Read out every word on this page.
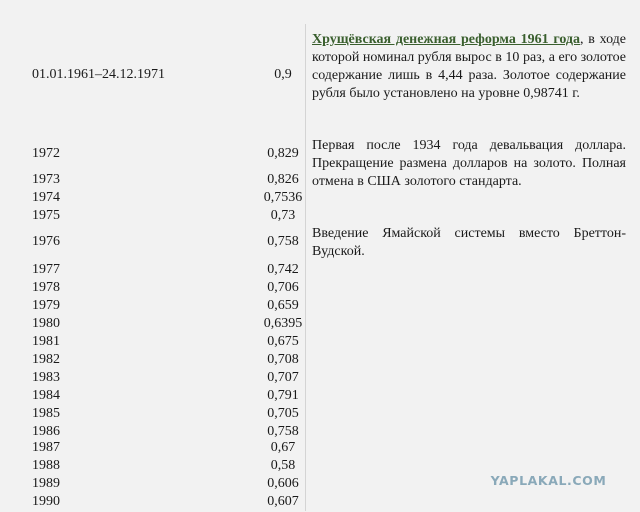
01.01.1961–24.12.1971	0,9
1972	0,829
1973	0,826
1974	0,7536
1975	0,73
1976	0,758
1977	0,742
1978	0,706
1979	0,659
1980	0,6395
1981	0,675
1982	0,708
1983	0,707
1984	0,791
1985	0,705
1986	0,758
1987	0,67
1988	0,58
1989	0,606
1990	0,607
Хрущёвская денежная реформа 1961 года, в ходе которой номинал рубля вырос в 10 раз, а его золотое содержание лишь в 4,44 раза. Золотое содержание рубля было установлено на уровне 0,98741 г.
Первая после 1934 года девальвация доллара. Прекращение размена долларов на золото. Полная отмена в США золотого стандарта.
Введение Ямайской системы вместо Бреттон-Вудской.
YAPLAKAL.COM
